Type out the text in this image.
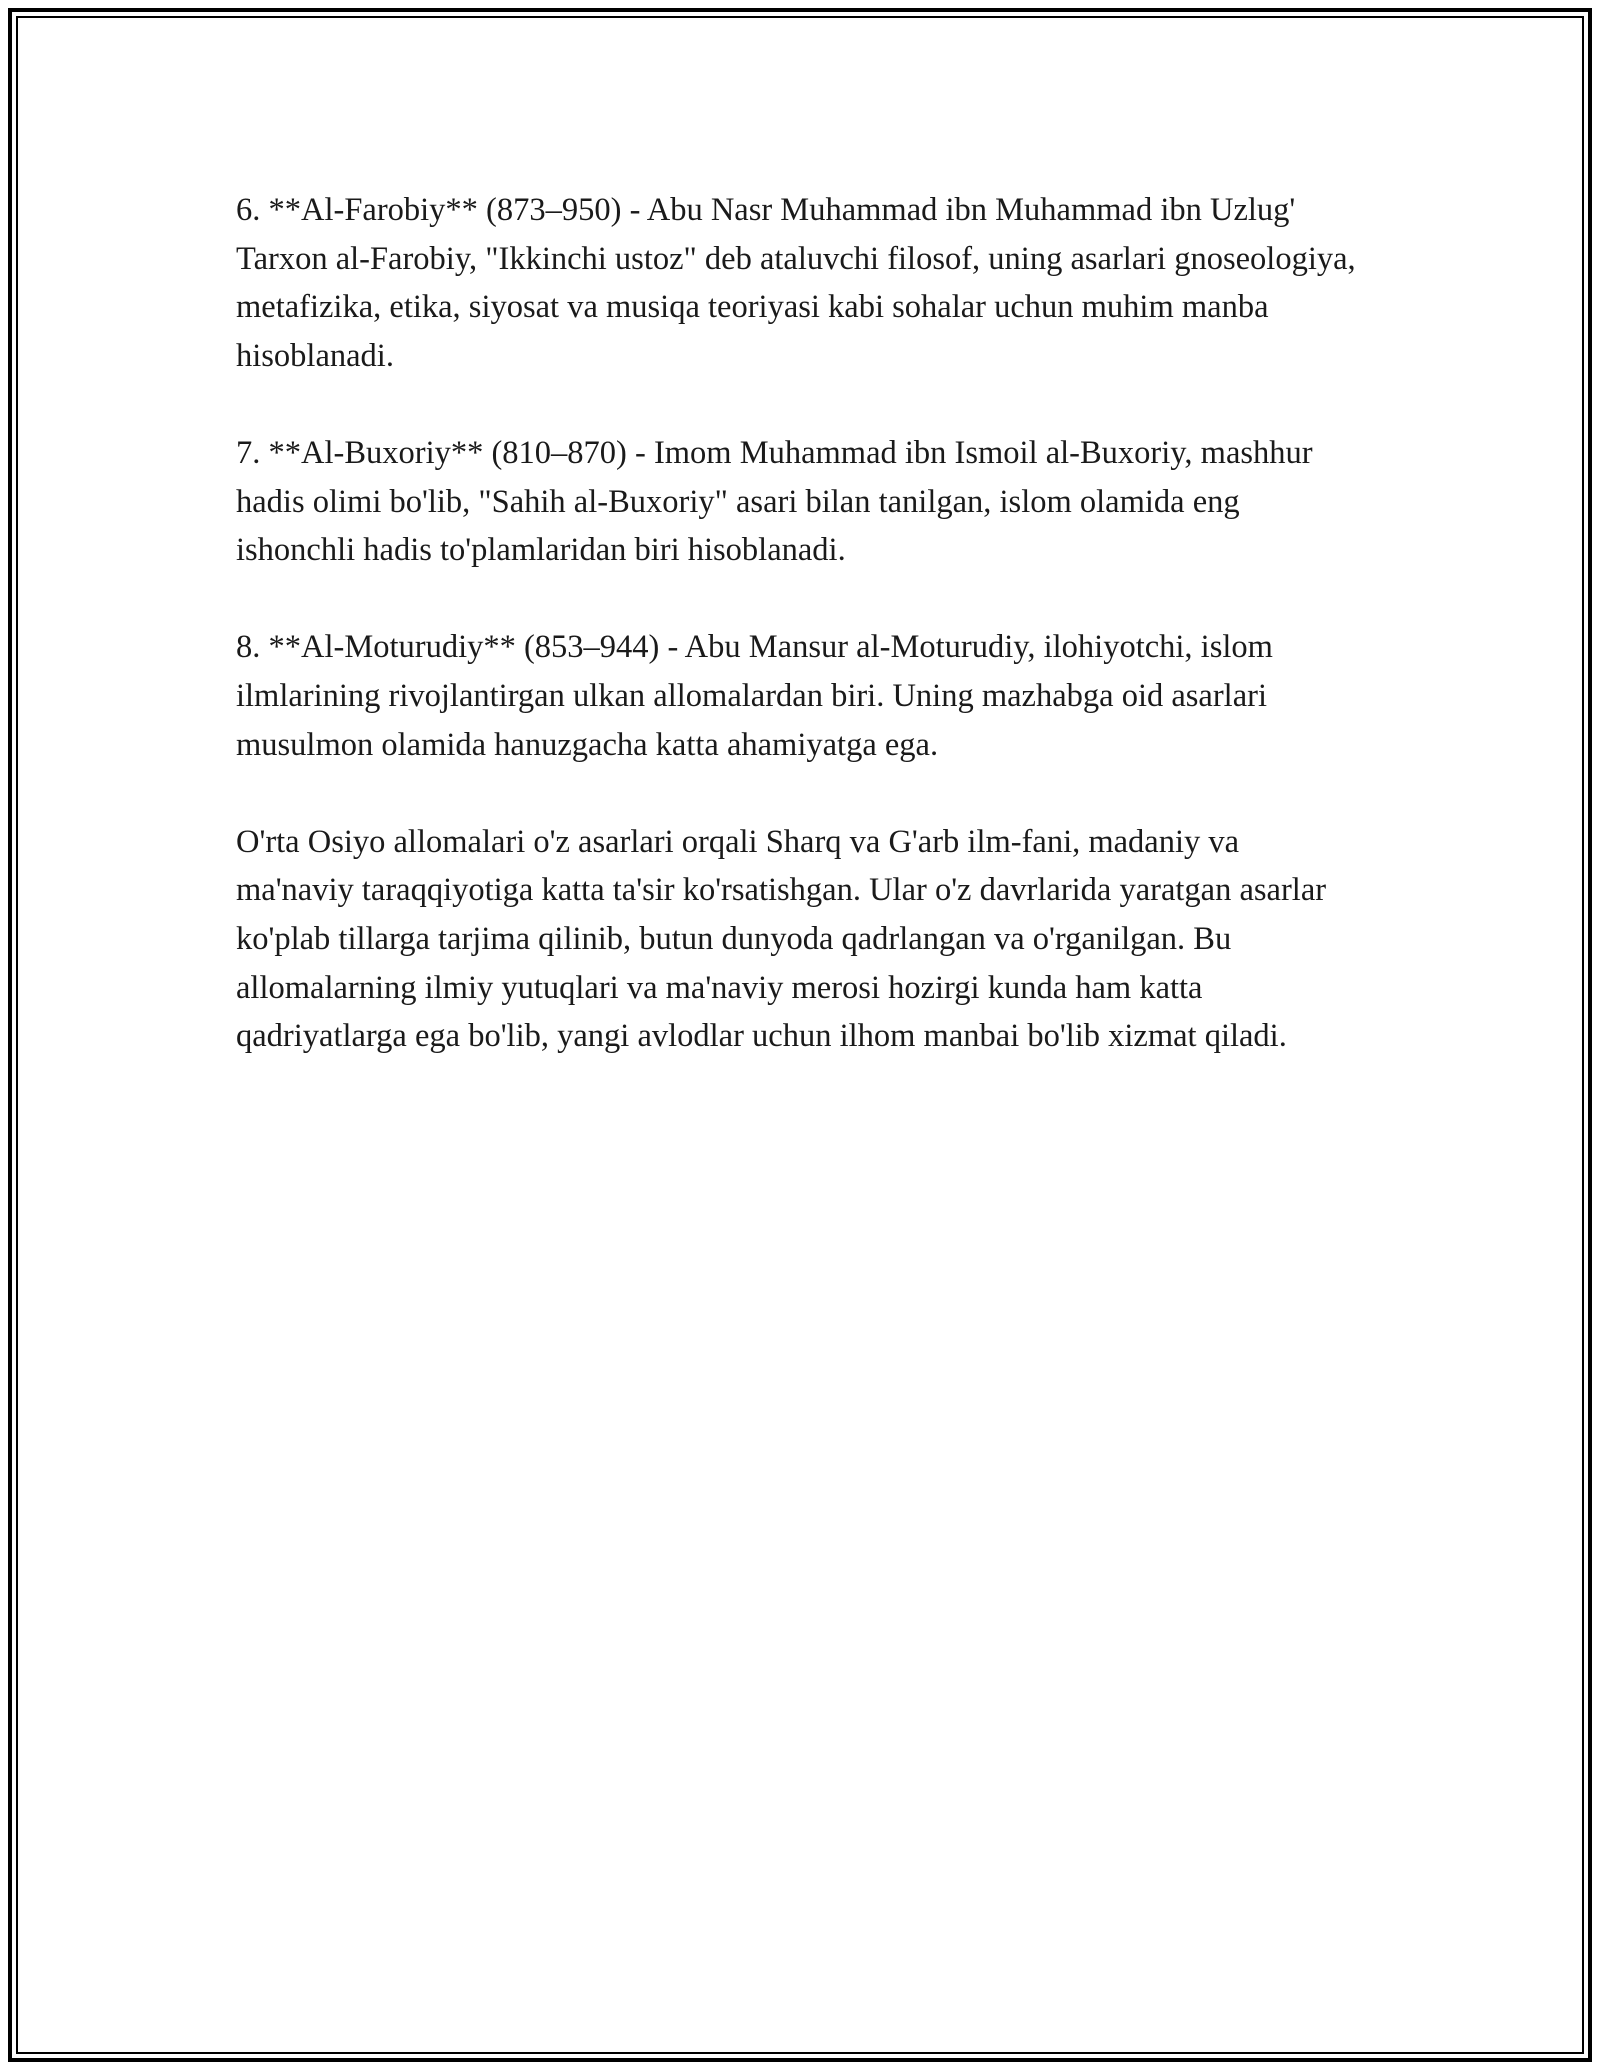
6. **Al-Farobiy** (873–950) - Abu Nasr Muhammad ibn Muhammad ibn Uzlug' Tarxon al-Farobiy, "Ikkinchi ustoz" deb ataluvchi filosof, uning asarlari gnoseologiya, metafizika, etika, siyosat va musiqa teoriyasi kabi sohalar uchun muhim manba hisoblanadi.

7. **Al-Buxoriy** (810–870) - Imom Muhammad ibn Ismoil al-Buxoriy, mashhur hadis olimi bo'lib, "Sahih al-Buxoriy" asari bilan tanilgan, islom olamida eng ishonchli hadis to'plamlaridan biri hisoblanadi.

8. **Al-Moturudiy** (853–944) - Abu Mansur al-Moturudiy, ilohiyotchi, islom ilmlarining rivojlantirgan ulkan allomalardan biri. Uning mazhabga oid asarlari musulmon olamida hanuzgacha katta ahamiyatga ega.

O'rta Osiyo allomalari o'z asarlari orqali Sharq va G'arb ilm-fani, madaniy va ma'naviy taraqqiyotiga katta ta'sir ko'rsatishgan. Ular o'z davrlarida yaratgan asarlar ko'plab tillarga tarjima qilinib, butun dunyoda qadrlangan va o'rganilgan. Bu allomalarning ilmiy yutuqlari va ma'naviy merosi hozirgi kunda ham katta qadriyatlarga ega bo'lib, yangi avlodlar uchun ilhom manbai bo'lib xizmat qiladi.
